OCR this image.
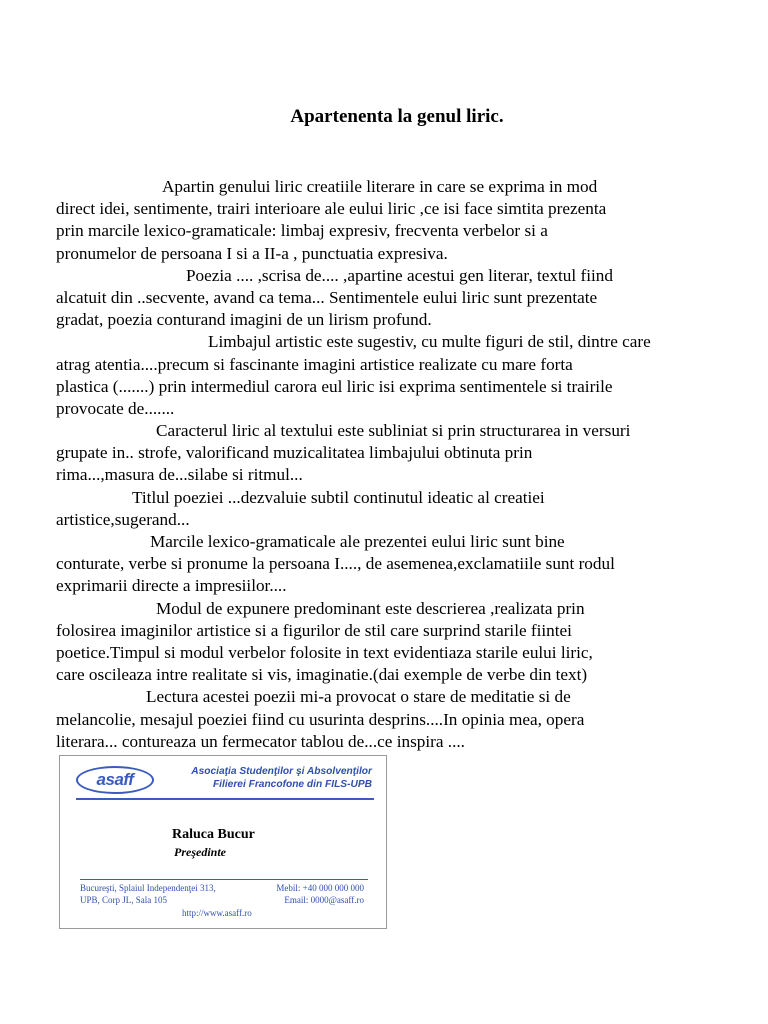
Apartenenta la genul liric.
Apartin genului liric creatiile literare in care se exprima in mod
direct idei, sentimente, trairi interioare ale eului liric ,ce isi face simtita prezenta
prin marcile lexico-gramaticale: limbaj expresiv, frecventa verbelor si a
pronumelor de persoana I si a II-a , punctuatia expresiva.
Poezia .... ,scrisa de.... ,apartine acestui gen literar, textul fiind
alcatuit din ..secvente, avand ca tema... Sentimentele eului liric sunt prezentate
gradat, poezia conturand imagini de un lirism profund.
Limbajul artistic este sugestiv, cu multe figuri de stil, dintre care
atrag atentia....precum si fascinante imagini artistice realizate cu mare forta
plastica (.......) prin intermediul carora eul liric isi exprima sentimentele si trairile
provocate de.......
Caracterul liric al textului este subliniat si prin structurarea in versuri
grupate in.. strofe, valorificand muzicalitatea limbajului obtinuta prin
rima...,masura de...silabe si ritmul...
Titlul poeziei ...dezvaluie subtil continutul ideatic al creatiei
artistice,sugerand...
Marcile lexico-gramaticale ale prezentei eului liric sunt bine
conturate, verbe si pronume la persoana I...., de asemenea,exclamatiile sunt rodul
exprimarii directe a impresiilor....
Modul de expunere predominant este descrierea ,realizata prin
folosirea imaginilor artistice si a figurilor de stil care surprind starile fiintei
poetice.Timpul si modul verbelor folosite in text evidentiaza starile eului liric,
care oscileaza intre realitate si vis, imaginatie.(dai exemple de verbe din text)
Lectura acestei poezii mi-a provocat o stare de meditatie si de
melancolie, mesajul poeziei fiind cu usurinta desprins....In opinia mea, opera
literara... contureaza un fermecator tablou de...ce inspira ....
asaff	Asociaţia Studenţilor şi Absolvenţilor
Filierei Francofone din FILS-UPB
Raluca Bucur
Preşedinte
Bucureşti, Splaiul Independenţei 313,
UPB, Corp JL, Sala 105
Mebil: +40 000 000 000
Email: 0000@asaff.ro
http://www.asaff.ro
